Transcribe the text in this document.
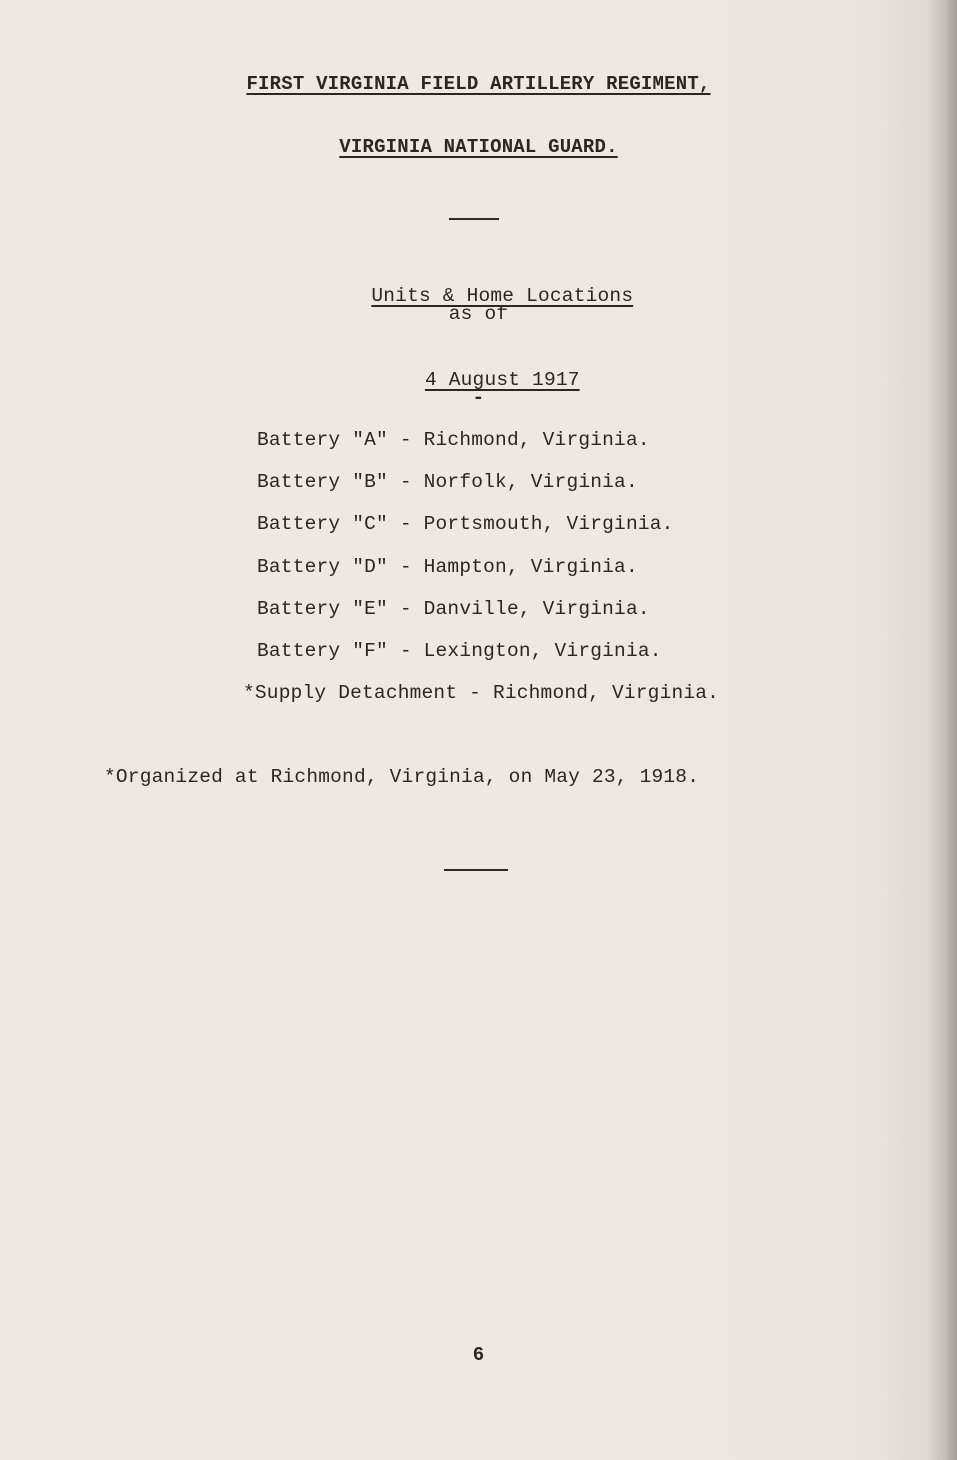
FIRST VIRGINIA FIELD ARTILLERY REGIMENT,
VIRGINIA NATIONAL GUARD.

Units & Home Locations

as of

4 August 1917

-
Battery "A" - Richmond, Virginia.
Battery "B" - Norfolk, Virginia.
Battery "C" - Portsmouth, Virginia.
Battery "D" - Hampton, Virginia.
Battery "E" - Danville, Virginia.
Battery "F" - Lexington, Virginia.
*Supply Detachment - Richmond, Virginia.
*Organized at Richmond, Virginia, on May 23, 1918.
6
